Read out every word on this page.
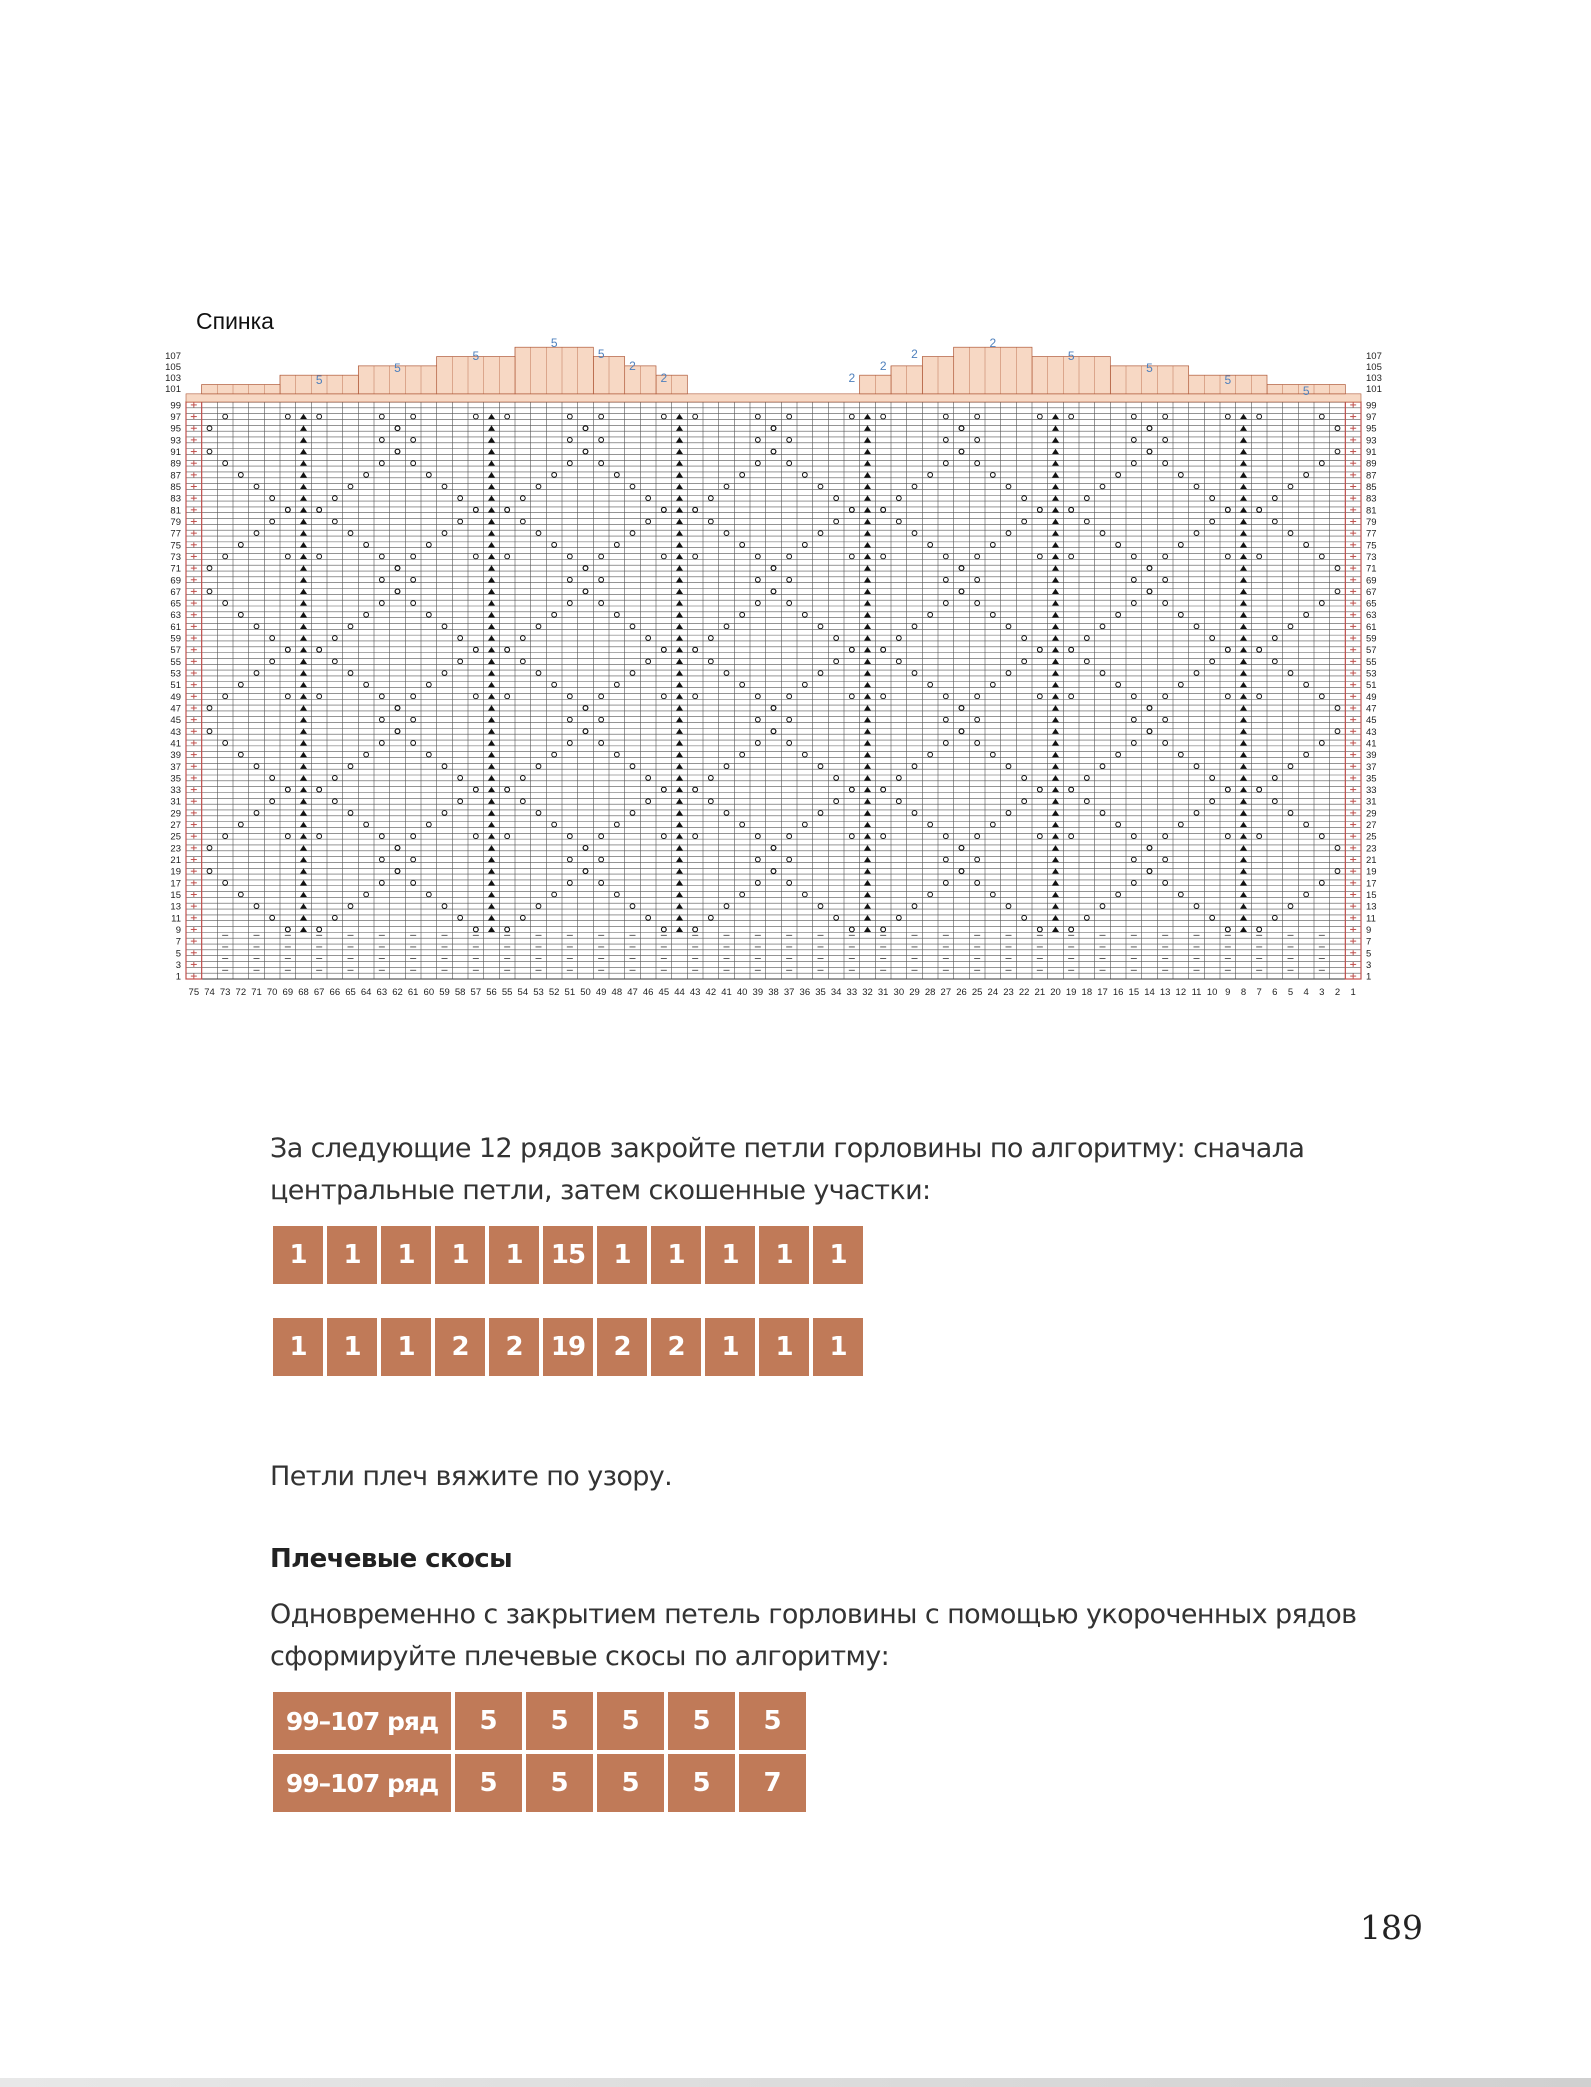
Спинка
5
5
5
5
2
2
2
2
2
2
5
5
5
5
5
1	1
3	3
5	5
7	7
9	9
11	11
13	13
15	15
17	17
19	19
21	21
23	23
25	25
27	27
29	29
31	31
33	33
35	35
37	37
39	39
41	41
43	43
45	45
47	47
49	49
51	51
53	53
55	55
57	57
59	59
61	61
63	63
65	65
67	67
69	69
71	71
73	73
75	75
77	77
79	79
81	81
83	83
85	85
87	87
89	89
91	91
93	93
95	95
97	97
99	99
101	101
103	103
105	105
107	107
1
2
3
4
5
6
7
8
9
10
11
12
13
14
15
16
17
18
19
20
21
22
23
24
25
26
27
28
29
30
31
32
33
34
35
36
37
38
39
40
41
42
43
44
45
46
47
48
49
50
51
52
53
54
55
56
57
58
59
60
61
62
63
64
65
66
67
68
69
70
71
72
73
74
75
За следующие 12 рядов закройте петли горловины по алгоритму: сначала центральные петли, затем скошенные участки:
1	1	1	1	1	15	1	1	1	1	1
1	1	1	2	2	19	2	2	1	1	1
Петли плеч вяжите по узору.
Плечевые скосы
Одновременно с закрытием петель горловины с помощью укороченных рядов сформируйте плечевые скосы по алгоритму:
99–107 ряд	5	5	5	5	5
99–107 ряд	5	5	5	5	7
189
